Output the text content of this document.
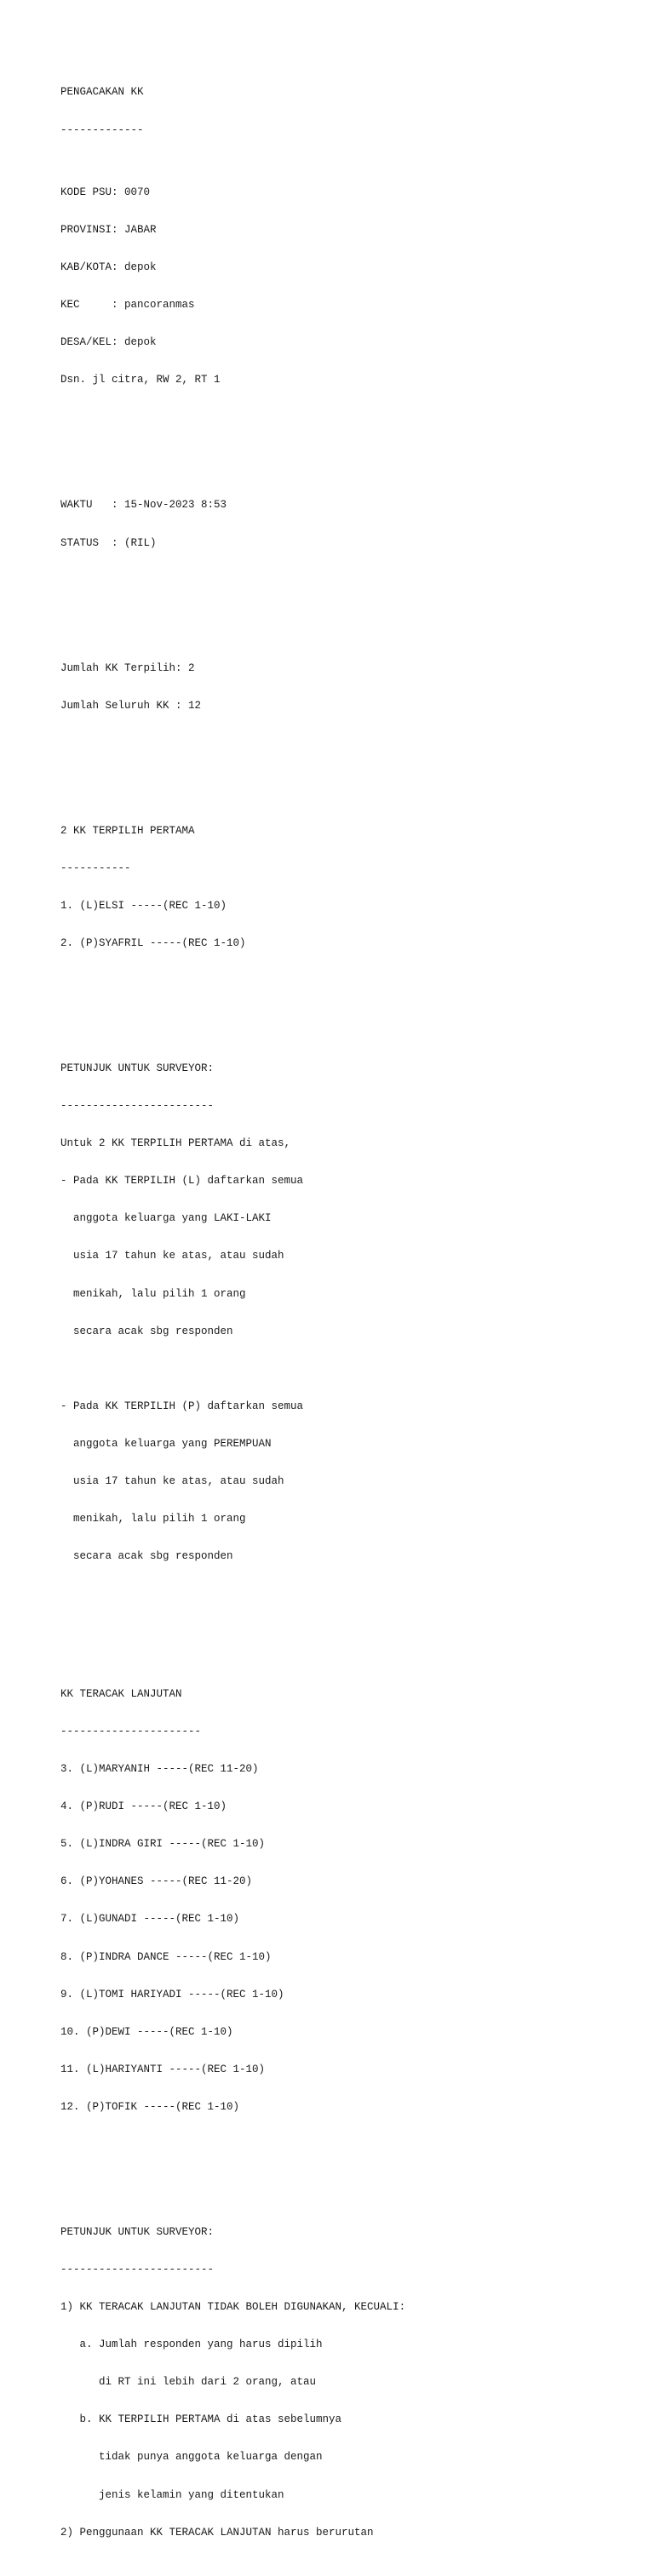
PENGACAKAN KK

-------------

KODE PSU: 0070

PROVINSI: JABAR

KAB/KOTA: depok

KEC     : pancoranmas

DESA/KEL: depok

Dsn. jl citra, RW 2, RT 1

WAKTU   : 15-Nov-2023 8:53

STATUS  : (RIL)

Jumlah KK Terpilih: 2

Jumlah Seluruh KK : 12

2 KK TERPILIH PERTAMA

-----------

1. (L)ELSI -----(REC 1-10)

2. (P)SYAFRIL -----(REC 1-10)

PETUNJUK UNTUK SURVEYOR:

------------------------

Untuk 2 KK TERPILIH PERTAMA di atas,

- Pada KK TERPILIH (L) daftarkan semua

anggota keluarga yang LAKI-LAKI

usia 17 tahun ke atas, atau sudah

menikah, lalu pilih 1 orang

secara acak sbg responden

- Pada KK TERPILIH (P) daftarkan semua

anggota keluarga yang PEREMPUAN

usia 17 tahun ke atas, atau sudah

menikah, lalu pilih 1 orang

secara acak sbg responden

KK TERACAK LANJUTAN

----------------------

3. (L)MARYANIH -----(REC 11-20)

4. (P)RUDI -----(REC 1-10)

5. (L)INDRA GIRI -----(REC 1-10)

6. (P)YOHANES -----(REC 11-20)

7. (L)GUNADI -----(REC 1-10)

8. (P)INDRA DANCE -----(REC 1-10)

9. (L)TOMI HARIYADI -----(REC 1-10)

10. (P)DEWI -----(REC 1-10)

11. (L)HARIYANTI -----(REC 1-10)

12. (P)TOFIK -----(REC 1-10)

PETUNJUK UNTUK SURVEYOR:

------------------------

1) KK TERACAK LANJUTAN TIDAK BOLEH DIGUNAKAN, KECUALI:

a. Jumlah responden yang harus dipilih

di RT ini lebih dari 2 orang, atau

b. KK TERPILIH PERTAMA di atas sebelumnya

tidak punya anggota keluarga dengan

jenis kelamin yang ditentukan

2) Penggunaan KK TERACAK LANJUTAN harus berurutan
